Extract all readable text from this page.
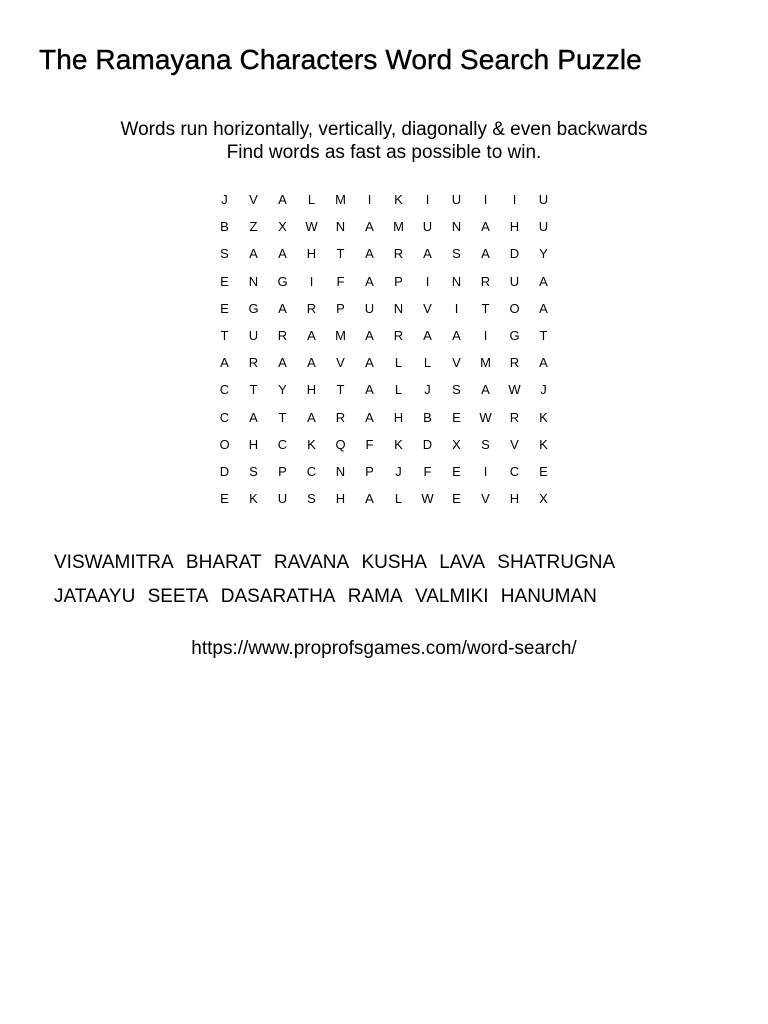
The Ramayana Characters Word Search Puzzle
Words run horizontally, vertically, diagonally & even backwards
Find words as fast as possible to win.
J	V	A	L	M	I	K	I	U	I	I	U
B	Z	X	W	N	A	M	U	N	A	H	U
S	A	A	H	T	A	R	A	S	A	D	Y
E	N	G	I	F	A	P	I	N	R	U	A
E	G	A	R	P	U	N	V	I	T	O	A
T	U	R	A	M	A	R	A	A	I	G	T
A	R	A	A	V	A	L	L	V	M	R	A
C	T	Y	H	T	A	L	J	S	A	W	J
C	A	T	A	R	A	H	B	E	W	R	K
O	H	C	K	Q	F	K	D	X	S	V	K
D	S	P	C	N	P	J	F	E	I	C	E
E	K	U	S	H	A	L	W	E	V	H	X
VISWAMITRA BHARAT RAVANA KUSHA LAVA SHATRUGNA
JATAAYU SEETA DASARATHA RAMA VALMIKI HANUMAN
https://www.proprofsgames.com/word-search/
